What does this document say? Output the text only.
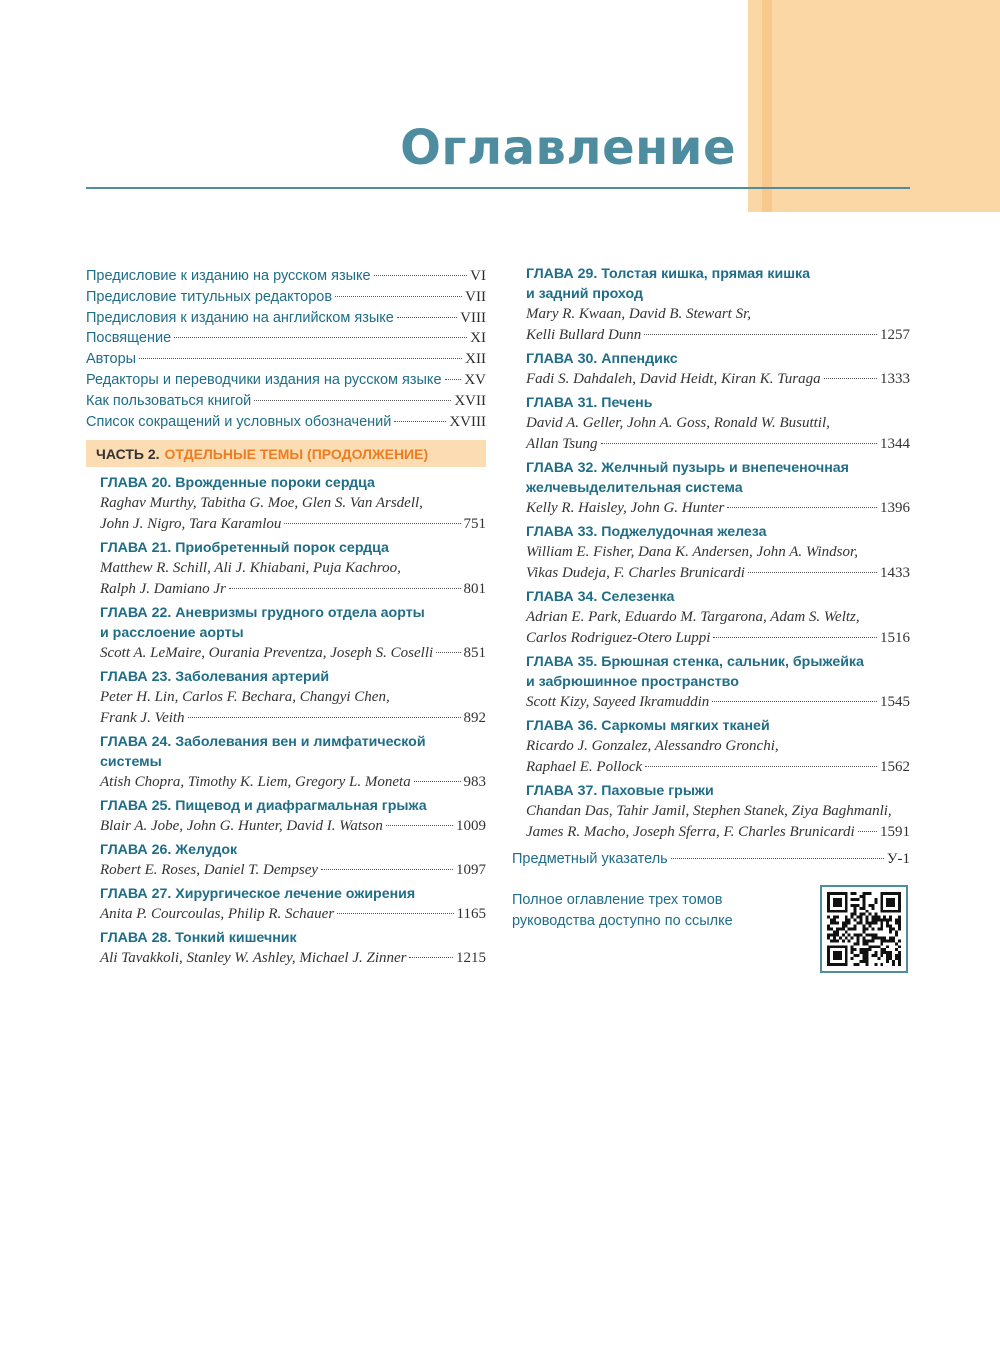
Оглавление
Предисловие к изданию на русском языке	VI
Предисловие титульных редакторов	VII
Предисловия к изданию на английском языке	VIII
Посвящение	XI
Авторы	XII
Редакторы и переводчики издания на русском языке XV
Как пользоваться книгой	XVII
Список сокращений и условных обозначений	XVIII
ЧАСТЬ 2. ОТДЕЛЬНЫЕ ТЕМЫ (ПРОДОЛЖЕНИЕ)
ГЛАВА 20. Врожденные пороки сердца
Raghav Murthy, Tabitha G. Moe, Glen S. Van Arsdell,
John J. Nigro, Tara Karamlou	751
ГЛАВА 21. Приобретенный порок сердца
Matthew R. Schill, Ali J. Khiabani, Puja Kachroo,
Ralph J. Damiano Jr	801
ГЛАВА 22. Аневризмы грудного отдела аорты
и расслоение аорты
Scott A. LeMaire, Ourania Preventza, Joseph S. Coselli 851
ГЛАВА 23. Заболевания артерий
Peter H. Lin, Carlos F. Bechara, Changyi Chen,
Frank J. Veith	892
ГЛАВА 24. Заболевания вен и лимфатической
системы
Atish Chopra, Timothy K. Liem, Gregory L. Moneta	983
ГЛАВА 25. Пищевод и диафрагмальная грыжа
Blair A. Jobe, John G. Hunter, David I. Watson	1009
ГЛАВА 26. Желудок
Robert E. Roses, Daniel T. Dempsey	1097
ГЛАВА 27. Хирургическое лечение ожирения
Anita P. Courcoulas, Philip R. Schauer	1165
ГЛАВА 28. Тонкий кишечник
Ali Tavakkoli, Stanley W. Ashley, Michael J. Zinner	1215
ГЛАВА 29. Толстая кишка, прямая кишка
и задний проход
Mary R. Kwaan, David B. Stewart Sr,
Kelli Bullard Dunn	1257
ГЛАВА 30. Аппендикс
Fadi S. Dahdaleh, David Heidt, Kiran K. Turaga	1333
ГЛАВА 31. Печень
David A. Geller, John A. Goss, Ronald W. Busuttil,
Allan Tsung	1344
ГЛАВА 32. Желчный пузырь и внепеченочная
желчевыделительная система
Kelly R. Haisley, John G. Hunter	1396
ГЛАВА 33. Поджелудочная железа
William E. Fisher, Dana K. Andersen, John A. Windsor,
Vikas Dudeja, F. Charles Brunicardi	1433
ГЛАВА 34. Селезенка
Adrian E. Park, Eduardo M. Targarona, Adam S. Weltz,
Carlos Rodriguez-Otero Luppi	1516
ГЛАВА 35. Брюшная стенка, сальник, брыжейка
и забрюшинное пространство
Scott Kizy, Sayeed Ikramuddin	1545
ГЛАВА 36. Саркомы мягких тканей
Ricardo J. Gonzalez, Alessandro Gronchi,
Raphael E. Pollock	1562
ГЛАВА 37. Паховые грыжи
Chandan Das, Tahir Jamil, Stephen Stanek, Ziya Baghmanli,
James R. Macho, Joseph Sferra, F. Charles Brunicardi 1591
Предметный указатель	У-1
Полное оглавление трех томов
руководства доступно по ссылке
